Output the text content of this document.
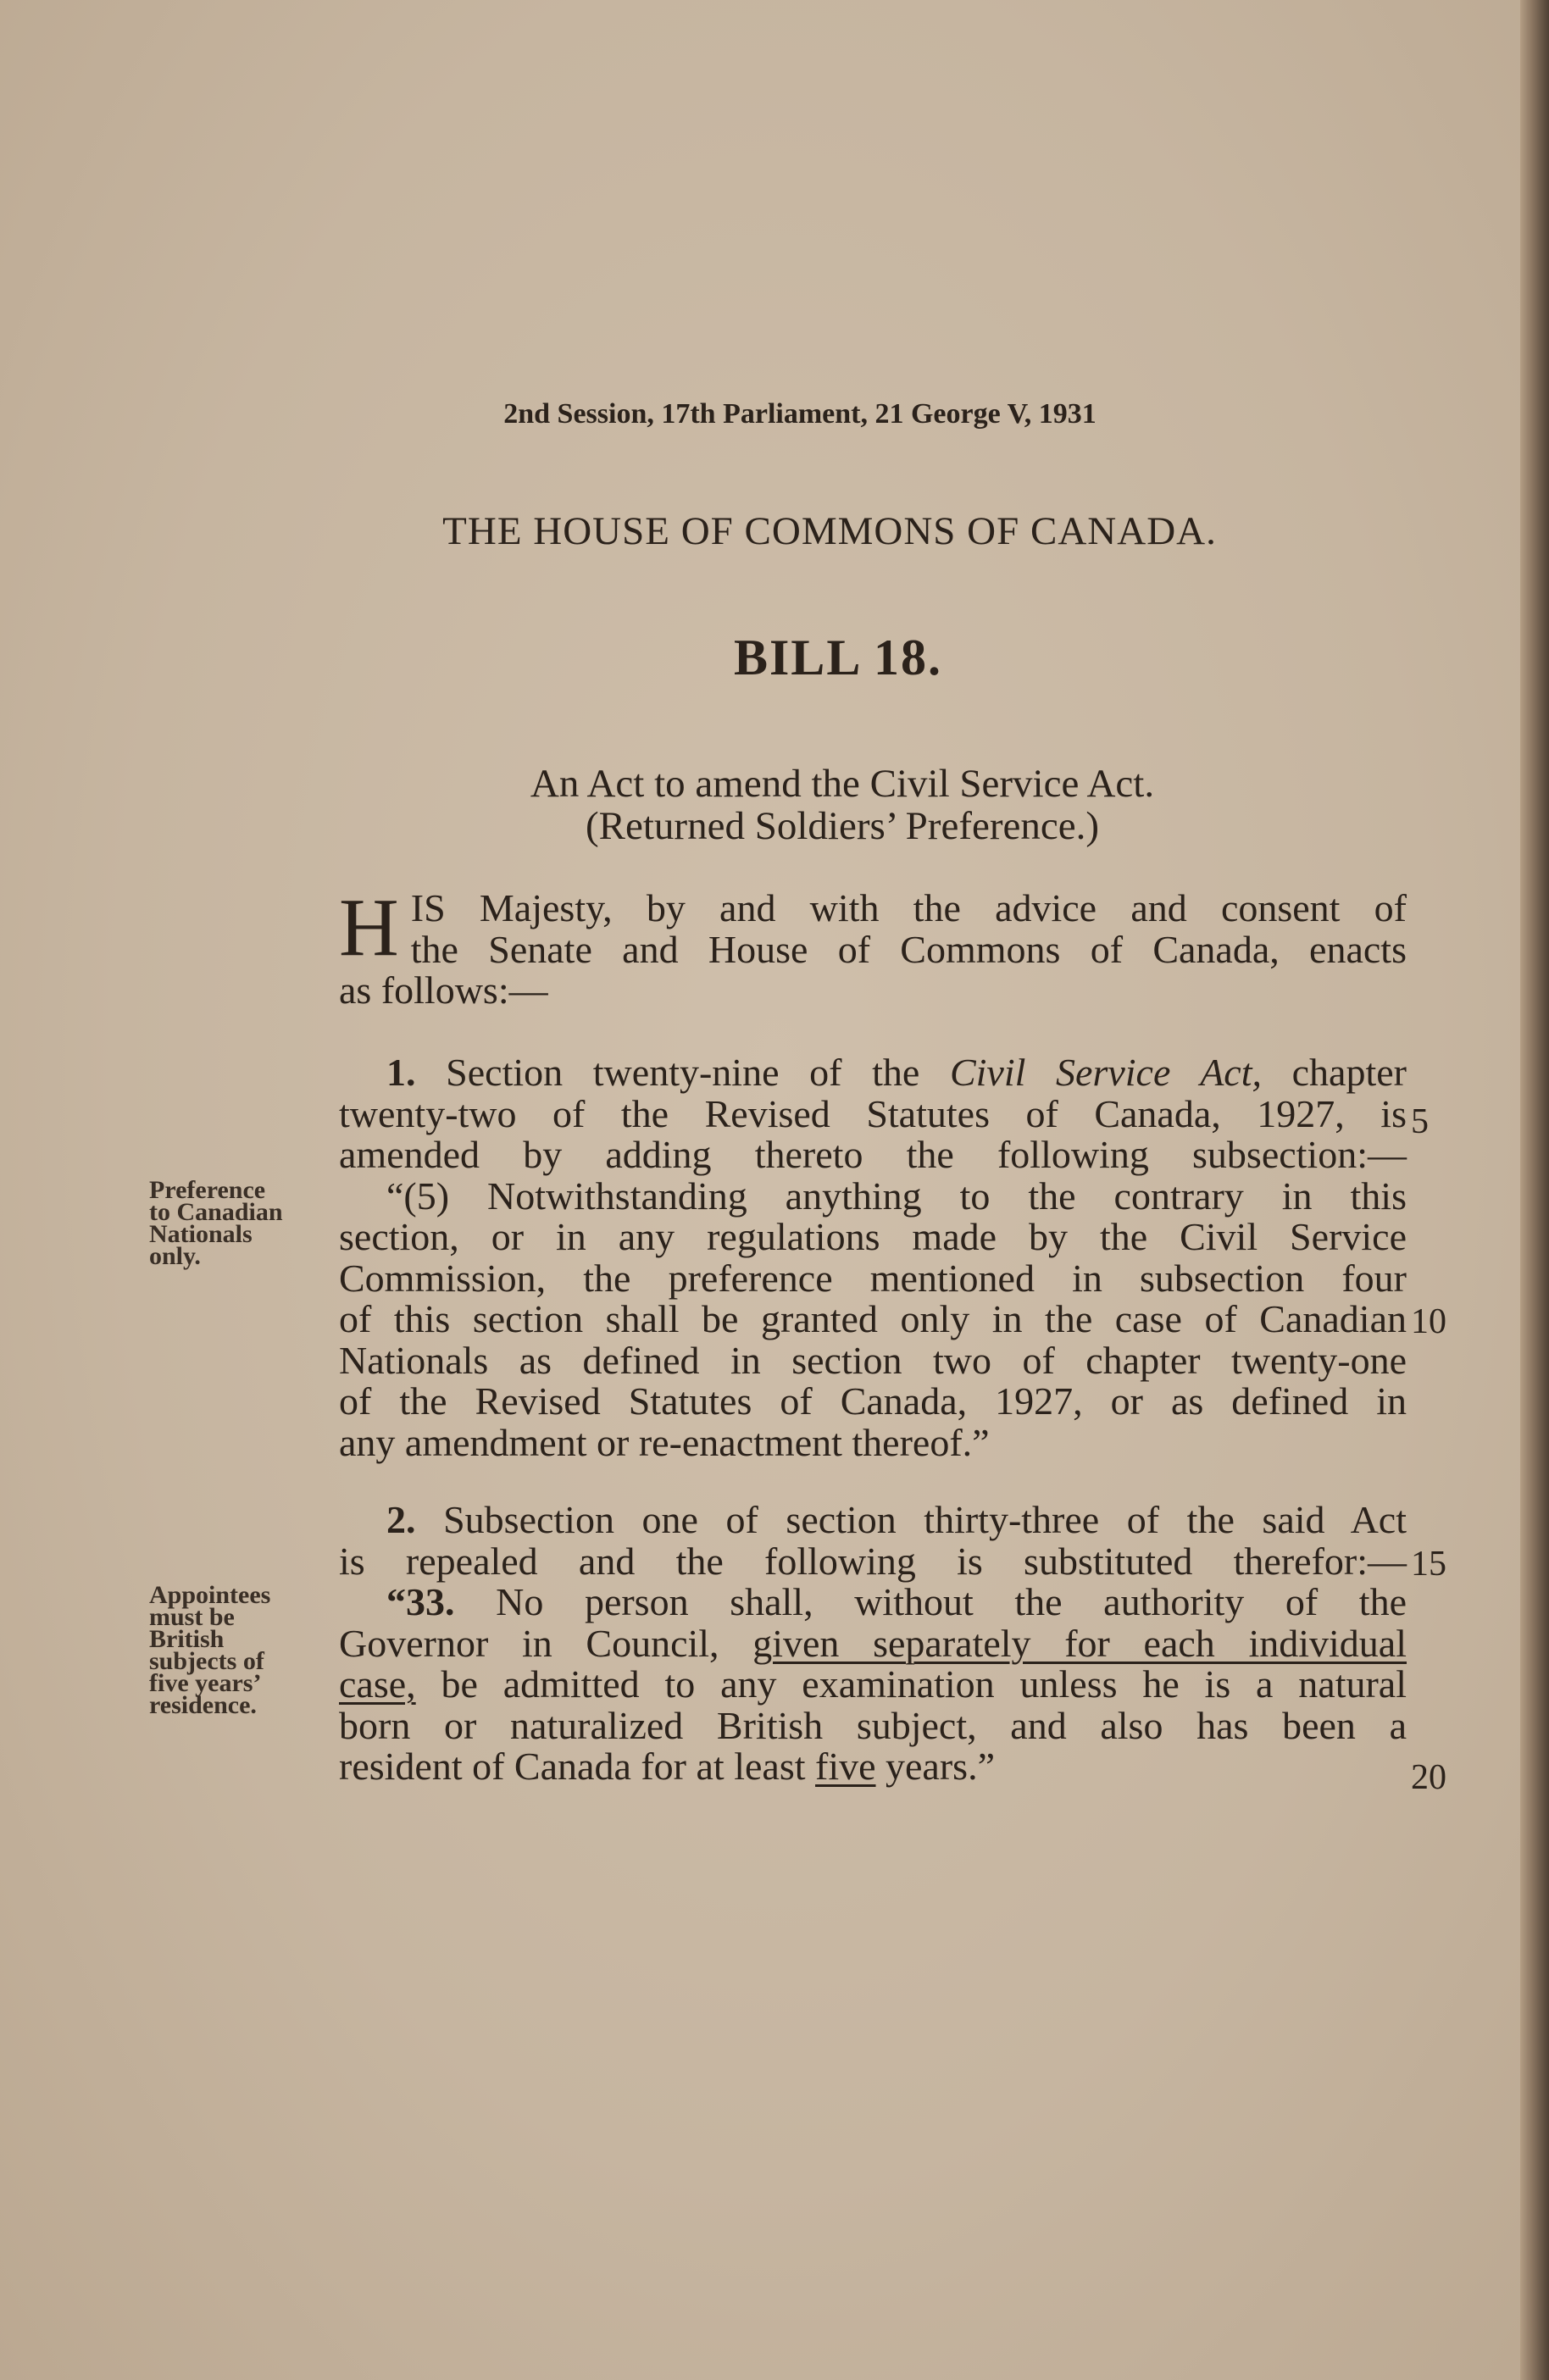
2nd Session, 17th Parliament, 21 George V, 1931
THE HOUSE OF COMMONS OF CANADA.
BILL 18.
An Act to amend the Civil Service Act.
(Returned Soldiers’ Preference.)
H IS Majesty, by and with the advice and consent of
the Senate and House of Commons of Canada, enacts
as follows:—
1. Section twenty-nine of the Civil Service Act, chapter
twenty-two of the Revised Statutes of Canada, 1927, is
amended by adding thereto the following subsection:—
“(5) Notwithstanding anything to the contrary in this
section, or in any regulations made by the Civil Service
Commission, the preference mentioned in subsection four
of this section shall be granted only in the case of Canadian
Nationals as defined in section two of chapter twenty-one
of the Revised Statutes of Canada, 1927, or as defined in
any amendment or re-enactment thereof.”
2. Subsection one of section thirty-three of the said Act
is repealed and the following is substituted therefor:—
“33. No person shall, without the authority of the
Governor in Council, given separately for each individual
case, be admitted to any examination unless he is a natural
born or naturalized British subject, and also has been a
resident of Canada for at least five years.”
Preference
to Canadian
Nationals
only.
Appointees
must be
British
subjects of
five years’
residence.
5
10
15
20
